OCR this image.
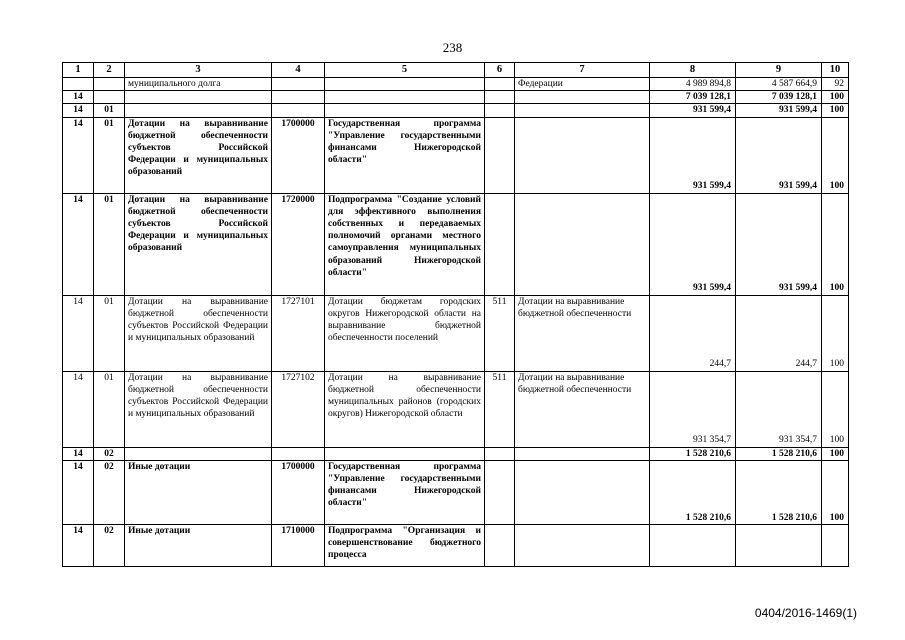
238
1	2	3	4	5	6	7	8	9	10
		муниципального долга				Федерации	4 989 894,8	4 587 664,9	92
14							7 039 128,1	7 039 128,1	100
14	01						931 599,4	931 599,4	100
14	01	Дотации на выравнивание бюджетной обеспеченности субъектов Российской Федерации и муниципальных образований	1700000	Государственная программа "Управление государственными финансами Нижегородской области"			931 599,4	931 599,4	100
14	01	Дотации на выравнивание бюджетной обеспеченности субъектов Российской Федерации и муниципальных образований	1720000	Подпрограмма "Создание условий для эффективного выполнения собственных и передаваемых полномочий органами местного самоуправления муниципальных образований Нижегородской области"			931 599,4	931 599,4	100
14	01	Дотации на выравнивание бюджетной обеспеченности субъектов Российской Федерации и муниципальных образований	1727101	Дотации бюджетам городских округов Нижегородской области на выравнивание бюджетной обеспеченности поселений	511	Дотации на выравнивание бюджетной обеспеченности	244,7	244,7	100
14	01	Дотации на выравнивание бюджетной обеспеченности субъектов Российской Федерации и муниципальных образований	1727102	Дотации на выравнивание бюджетной обеспеченности муниципальных районов (городских округов) Нижегородской области	511	Дотации на выравнивание бюджетной обеспеченности	931 354,7	931 354,7	100
14	02						1 528 210,6	1 528 210,6	100
14	02	Иные дотации	1700000	Государственная программа "Управление государственными финансами Нижегородской области"			1 528 210,6	1 528 210,6	100
14	02	Иные дотации	1710000	Подпрограмма "Организация и совершенствование бюджетного процесса					
0404/2016-1469(1)
